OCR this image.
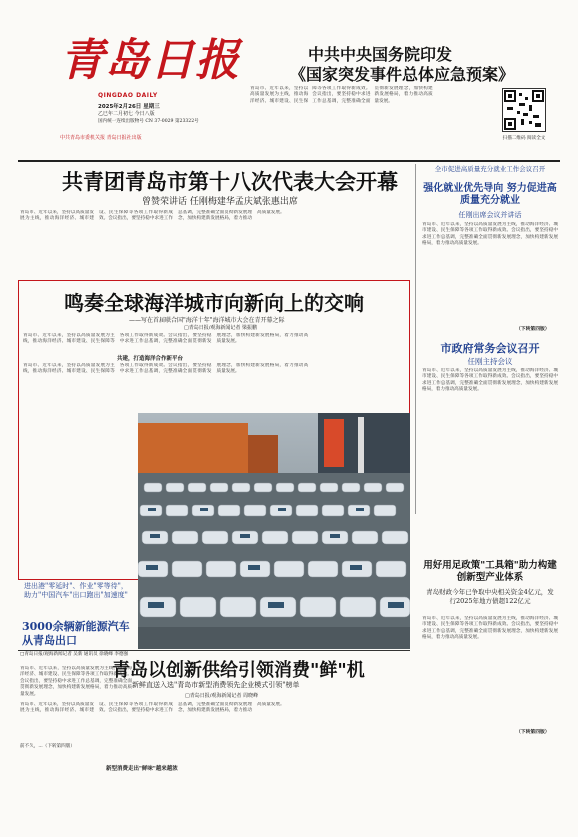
青岛日报
QINGDAO DAILY
2025年2月26日 星期三
乙巳年二月初七 今日八版
国内统一连续出版物号 CN 37-0029 第23322号
中共青岛市委机关报 青岛日报社出版
中共中央国务院印发
《国家突发事件总体应急预案》
青岛市、近年以来，坚持以高质量发展为主线，推动海洋经济、城市建设、民生保障等各项工作取得新成效。会议指出，要坚持稳中求进工作总基调，完整准确全面贯彻新发展理念，加快构建新发展格局，着力推动高质量发展。
扫描二维码 阅读全文
共青团青岛市第十八次代表大会开幕
曾赞荣讲话 任刚梅建华孟庆斌张惠出席
青岛市、近年以来，坚持以高质量发展为主线，推动海洋经济、城市建设、民生保障等各项工作取得新成效。会议指出，要坚持稳中求进工作总基调，完整准确全面贯彻新发展理念，加快构建新发展格局，着力推动高质量发展。
鸣奏全球海洋城市向新向上的交响
——写在首届联合国"海洋十年"海洋城市大会在青开幕之际
□青岛日报/观海新闻记者 梁振鹏
青岛市、近年以来，坚持以高质量发展为主线，推动海洋经济、城市建设、民生保障等各项工作取得新成效。会议指出，要坚持稳中求进工作总基调，完整准确全面贯彻新发展理念，加快构建新发展格局，着力推动高质量发展。
共建，打造海洋合作新平台
青岛市、近年以来，坚持以高质量发展为主线，推动海洋经济、城市建设、民生保障等各项工作取得新成效。会议指出，要坚持稳中求进工作总基调，完整准确全面贯彻新发展理念，加快构建新发展格局，着力推动高质量发展。
全市促进高质量充分就业工作会议召开
强化就业优先导向 努力促进高质量充分就业
任刚出席会议并讲话
青岛市、近年以来，坚持以高质量发展为主线，推动海洋经济、城市建设、民生保障等各项工作取得新成效。会议指出，要坚持稳中求进工作总基调，完整准确全面贯彻新发展理念，加快构建新发展格局，着力推动高质量发展。
（下转第四版）
市政府常务会议召开
任刚主持会议
青岛市、近年以来，坚持以高质量发展为主线，推动海洋经济、城市建设、民生保障等各项工作取得新成效。会议指出，要坚持稳中求进工作总基调，完整准确全面贯彻新发展理念，加快构建新发展格局，着力推动高质量发展。
进出港"零延时"、作业"零等待"，助力"中国汽车"出口跑出"加速度"
3000余辆新能源汽车从青岛出口
□青岛日报/观海新闻记者 吴新 通讯员 徐晓峰 李德强
青岛市、近年以来，坚持以高质量发展为主线，推动海洋经济、城市建设、民生保障等各项工作取得新成效。会议指出，要坚持稳中求进工作总基调，完整准确全面贯彻新发展理念，加快构建新发展格局，着力推动高质量发展。
前不久，...（下转第四版）
用好用足政策"工具箱"助力构建创新型产业体系
青岛财政今年已争取中央相关资金4亿元，发行2025年地方债超122亿元
青岛市、近年以来，坚持以高质量发展为主线，推动海洋经济、城市建设、民生保障等各项工作取得新成效。会议指出，要坚持稳中求进工作总基调，完整准确全面贯彻新发展理念，加快构建新发展格局，着力推动高质量发展。
（下转第四版）
青岛以创新供给引领消费"鲜"机
新鲜直送入选"青岛市新型消费领先企业模式引领"榜单
□青岛日报/观海新闻记者 周晓峰
青岛市、近年以来，坚持以高质量发展为主线，推动海洋经济、城市建设、民生保障等各项工作取得新成效。会议指出，要坚持稳中求进工作总基调，完整准确全面贯彻新发展理念，加快构建新发展格局，着力推动高质量发展。
新型消费走出"鲜味"越来越浓
